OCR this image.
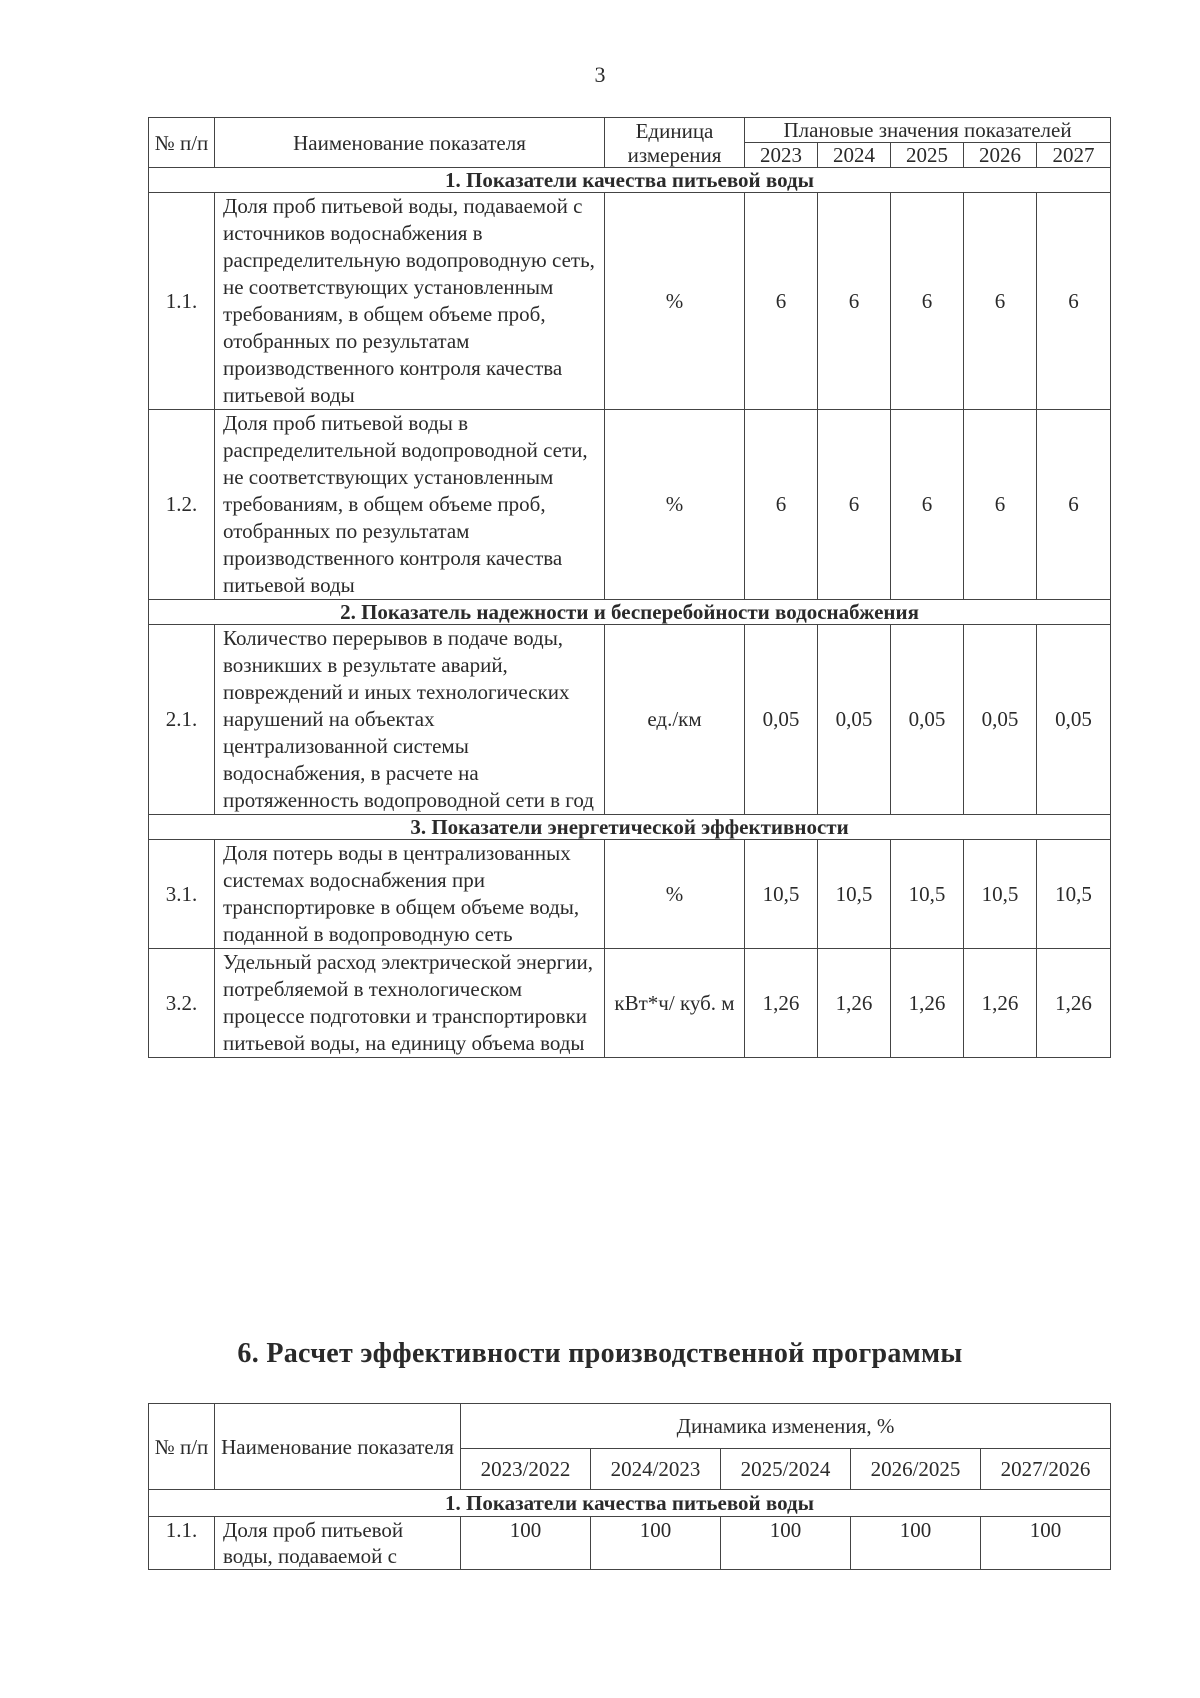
3
№ п/п	Наименование показателя	Единица измерения	Плановые значения показателей				
			2023	2024	2025	2026	2027
1. Показатели качества питьевой воды							
1.1.	Доля проб питьевой воды, подаваемой с источников водоснабжения в распределительную водопроводную сеть, не соответствующих установленным требованиям, в общем объеме проб, отобранных по результатам производственного контроля качества питьевой воды	%	6	6	6	6	6
1.2.	Доля проб питьевой воды в распределительной водопроводной сети, не соответствующих установленным требованиям, в общем объеме проб, отобранных по результатам производственного контроля качества питьевой воды	%	6	6	6	6	6
2. Показатель надежности и бесперебойности водоснабжения							
2.1.	Количество перерывов в подаче воды, возникших в результате аварий, повреждений и иных технологических нарушений на объектах централизованной системы водоснабжения, в расчете на протяженность водопроводной сети в год	ед./км	0,05	0,05	0,05	0,05	0,05
3. Показатели энергетической эффективности							
3.1.	Доля потерь воды в централизованных системах водоснабжения при транспортировке в общем объеме воды, поданной в водопроводную сеть	%	10,5	10,5	10,5	10,5	10,5
3.2.	Удельный расход электрической энергии, потребляемой в технологическом процессе подготовки и транспортировки питьевой воды, на единицу объема воды	кВт*ч/ куб. м	1,26	1,26	1,26	1,26	1,26
6. Расчет эффективности производственной программы
№ п/п	Наименование показателя	Динамика изменения, %				
		2023/2022	2024/2023	2025/2024	2026/2025	2027/2026
1. Показатели качества питьевой воды						
1.1.	Доля проб питьевой воды, подаваемой с	100	100	100	100	100
